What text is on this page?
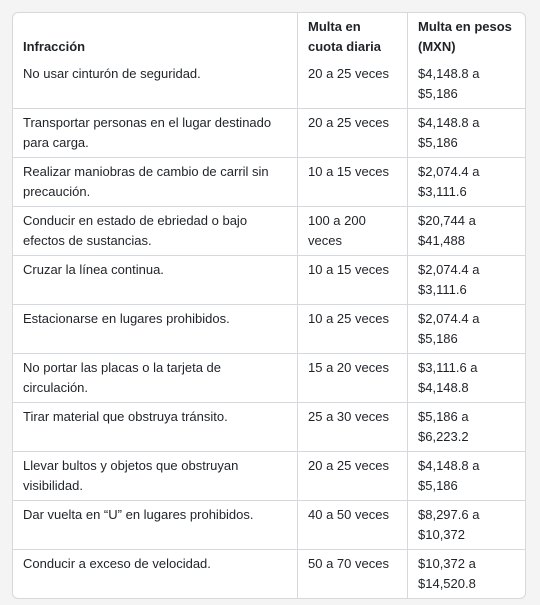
Infracción	Multa en cuota diaria	Multa en pesos (MXN)
No usar cinturón de seguridad.	20 a 25 veces	$4,148.8 a $5,186
Transportar personas en el lugar destinado para carga.	20 a 25 veces	$4,148.8 a $5,186
Realizar maniobras de cambio de carril sin precaución.	10 a 15 veces	$2,074.4 a $3,111.6
Conducir en estado de ebriedad o bajo efectos de sustancias.	100 a 200 veces	$20,744 a $41,488
Cruzar la línea continua.	10 a 15 veces	$2,074.4 a $3,111.6
Estacionarse en lugares prohibidos.	10 a 25 veces	$2,074.4 a $5,186
No portar las placas o la tarjeta de circulación.	15 a 20 veces	$3,111.6 a $4,148.8
Tirar material que obstruya tránsito.	25 a 30 veces	$5,186 a $6,223.2
Llevar bultos y objetos que obstruyan visibilidad.	20 a 25 veces	$4,148.8 a $5,186
Dar vuelta en “U” en lugares prohibidos.	40 a 50 veces	$8,297.6 a $10,372
Conducir a exceso de velocidad.	50 a 70 veces	$10,372 a $14,520.8
